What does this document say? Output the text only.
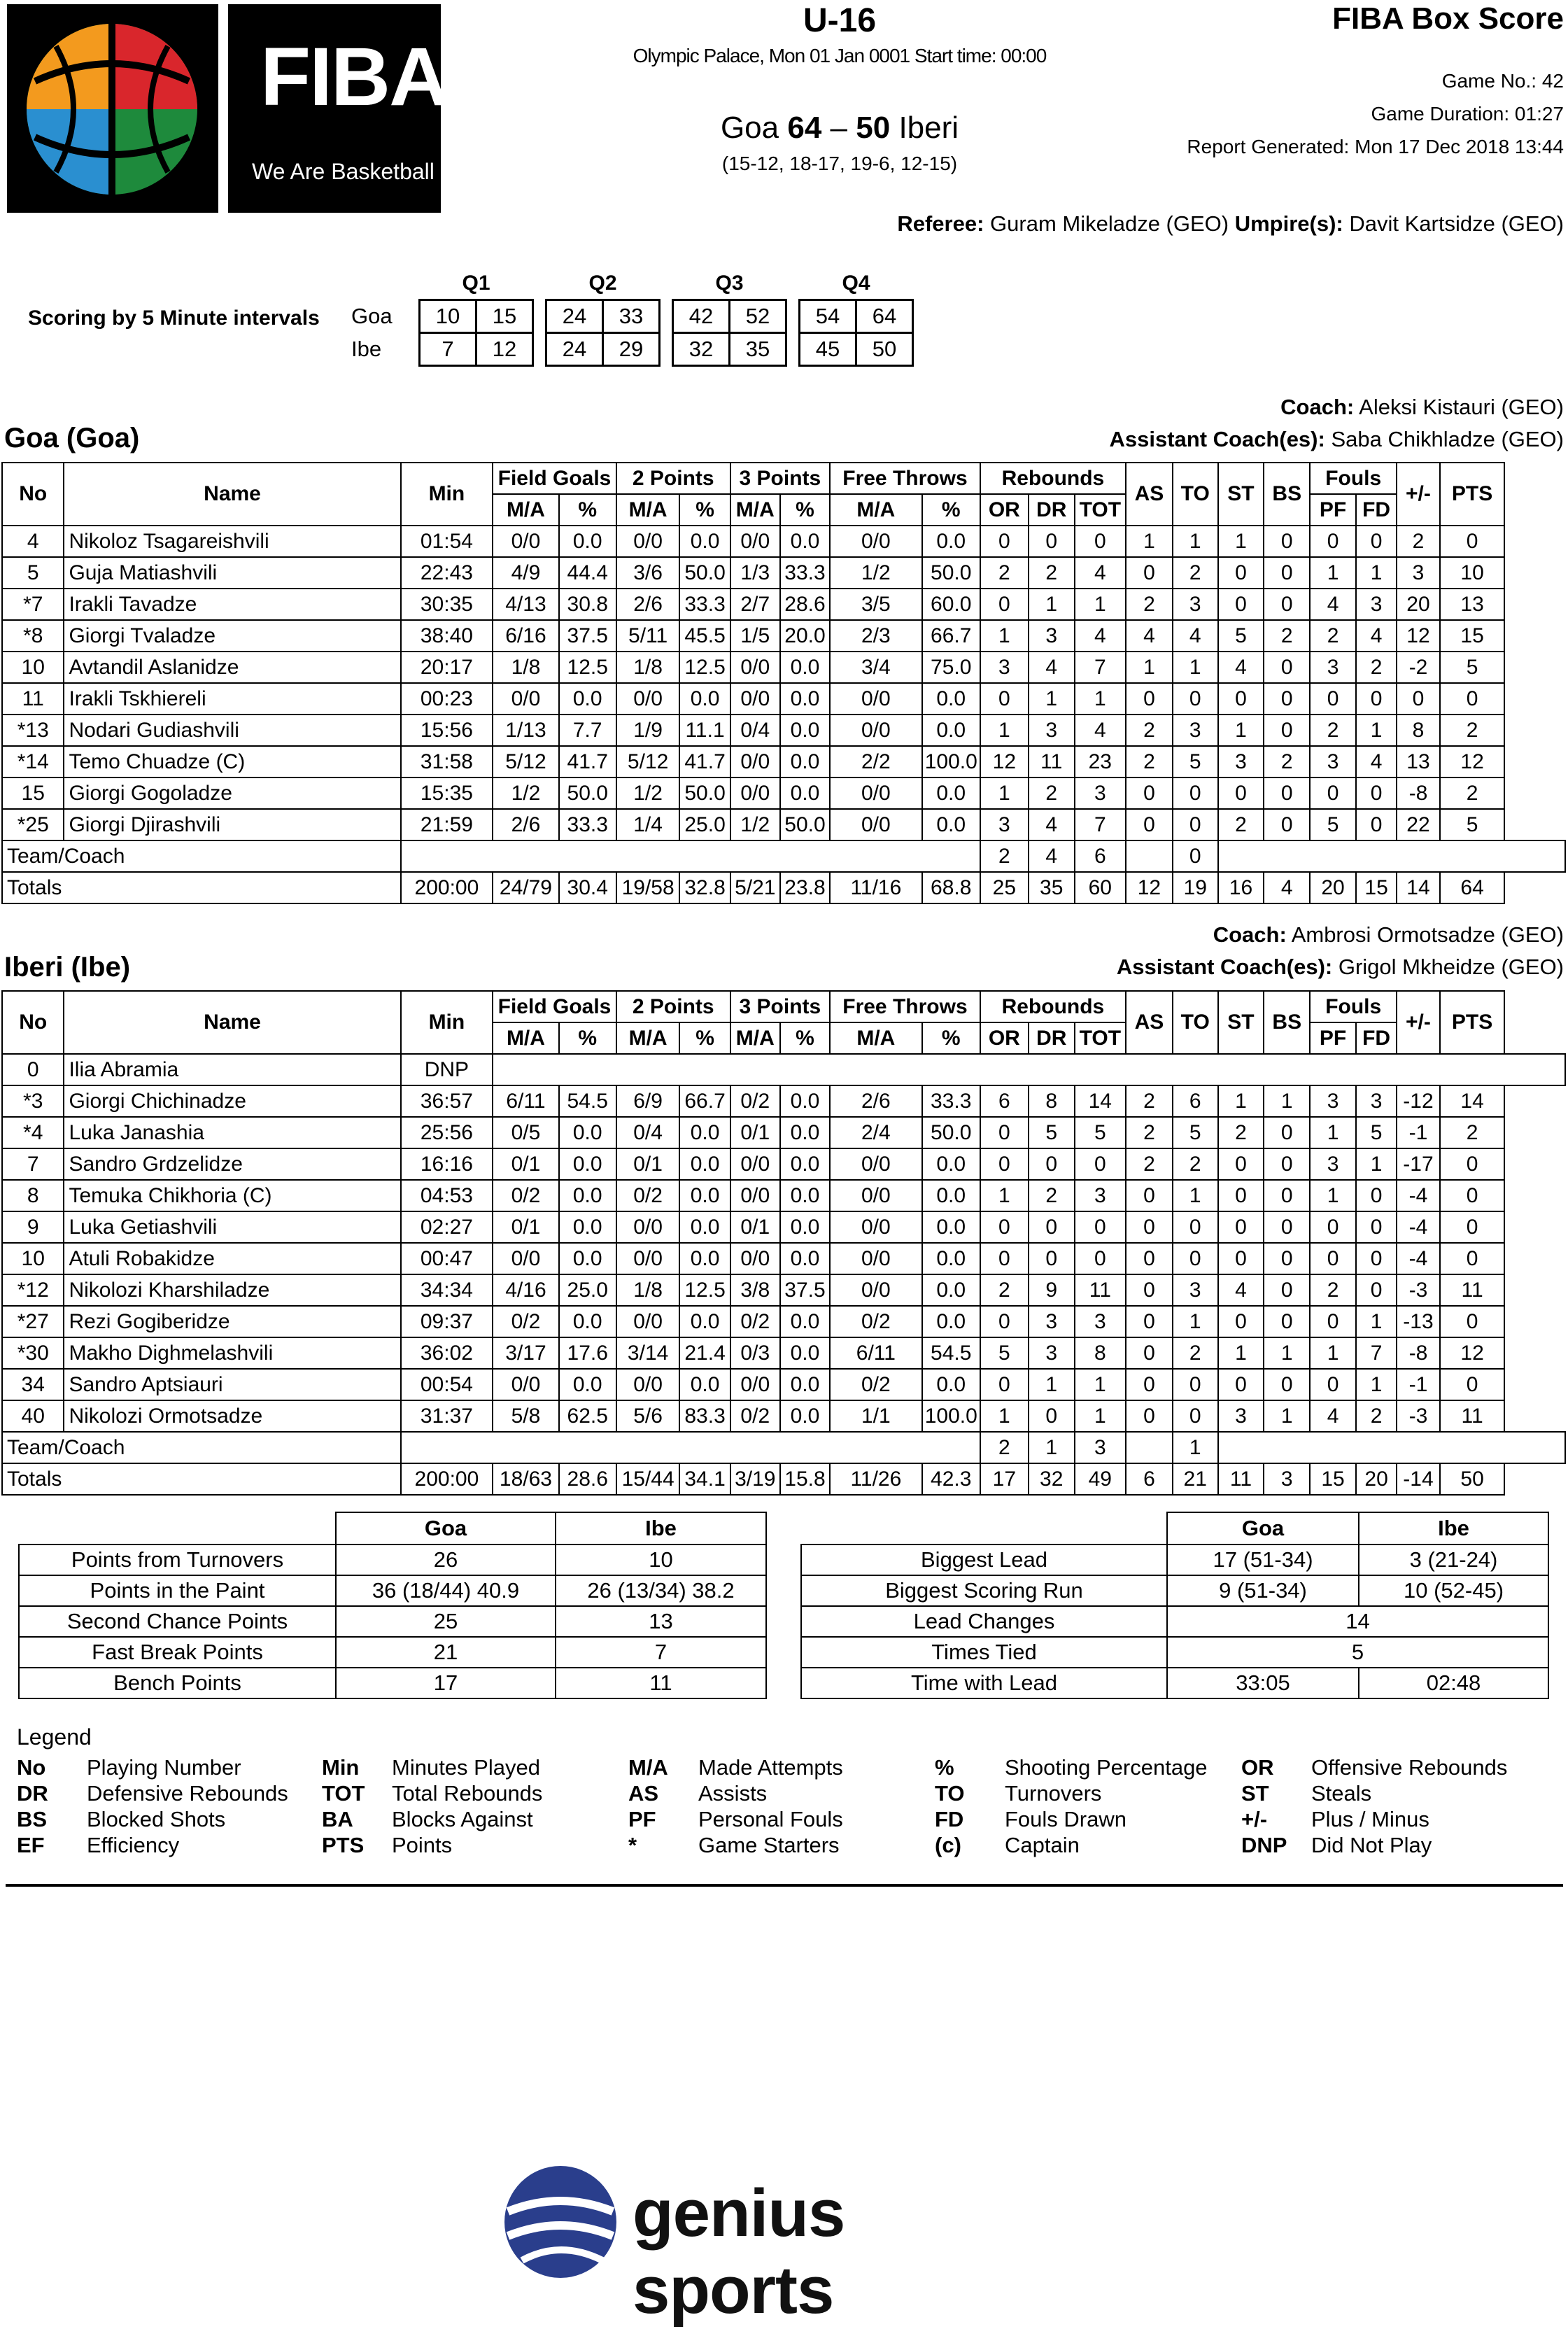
FIBA
We Are Basketball
U-16
Olympic Palace, Mon 01 Jan 0001 Start time: 00:00
Goa 64 – 50 Iberi
(15-12, 18-17, 19-6, 12-15)
FIBA Box Score
Game No.: 42
Game Duration: 01:27
Report Generated: Mon 17 Dec 2018 13:44
Referee: Guram Mikeladze (GEO) Umpire(s): Davit Kartsidze (GEO)
Scoring by 5 Minute intervals
	Q1			Q2			Q3			Q4	
Goa	10	15		24	33		42	52		54	64
Ibe	7	12		24	29		32	35		45	50
Coach: Aleksi Kistauri (GEO)
Assistant Coach(es): Saba Chikhladze (GEO)
Goa (Goa)
No	Name	Min	Field Goals		2 Points		3 Points		Free Throws		Rebounds			AS	TO	ST	BS	Fouls		+/-	PTS
			M/A	%	M/A	%	M/A	%	M/A	%	OR	DR	TOT					PF	FD		
4	Nikoloz Tsagareishvili	01:54	0/0	0.0	0/0	0.0	0/0	0.0	0/0	0.0	0	0	0	1	1	1	0	0	0	2	0
5	Guja Matiashvili	22:43	4/9	44.4	3/6	50.0	1/3	33.3	1/2	50.0	2	2	4	0	2	0	0	1	1	3	10
*7	Irakli Tavadze	30:35	4/13	30.8	2/6	33.3	2/7	28.6	3/5	60.0	0	1	1	2	3	0	0	4	3	20	13
*8	Giorgi Tvaladze	38:40	6/16	37.5	5/11	45.5	1/5	20.0	2/3	66.7	1	3	4	4	4	5	2	2	4	12	15
10	Avtandil Aslanidze	20:17	1/8	12.5	1/8	12.5	0/0	0.0	3/4	75.0	3	4	7	1	1	4	0	3	2	-2	5
11	Irakli Tskhiereli	00:23	0/0	0.0	0/0	0.0	0/0	0.0	0/0	0.0	0	1	1	0	0	0	0	0	0	0	0
*13	Nodari Gudiashvili	15:56	1/13	7.7	1/9	11.1	0/4	0.0	0/0	0.0	1	3	4	2	3	1	0	2	1	8	2
*14	Temo Chuadze (C)	31:58	5/12	41.7	5/12	41.7	0/0	0.0	2/2	100.0	12	11	23	2	5	3	2	3	4	13	12
15	Giorgi Gogoladze	15:35	1/2	50.0	1/2	50.0	0/0	0.0	0/0	0.0	1	2	3	0	0	0	0	0	0	-8	2
*25	Giorgi Djirashvili	21:59	2/6	33.3	1/4	25.0	1/2	50.0	0/0	0.0	3	4	7	0	0	2	0	5	0	22	5
Team/Coach											2	4	6		0						
Totals		200:00	24/79	30.4	19/58	32.8	5/21	23.8	11/16	68.8	25	35	60	12	19	16	4	20	15	14	64
Coach: Ambrosi Ormotsadze (GEO)
Assistant Coach(es): Grigol Mkheidze (GEO)
Iberi (Ibe)
No	Name	Min	Field Goals		2 Points		3 Points		Free Throws		Rebounds			AS	TO	ST	BS	Fouls		+/-	PTS
			M/A	%	M/A	%	M/A	%	M/A	%	OR	DR	TOT					PF	FD		
0	Ilia Abramia	DNP																			
*3	Giorgi Chichinadze	36:57	6/11	54.5	6/9	66.7	0/2	0.0	2/6	33.3	6	8	14	2	6	1	1	3	3	-12	14
*4	Luka Janashia	25:56	0/5	0.0	0/4	0.0	0/1	0.0	2/4	50.0	0	5	5	2	5	2	0	1	5	-1	2
7	Sandro Grdzelidze	16:16	0/1	0.0	0/1	0.0	0/0	0.0	0/0	0.0	0	0	0	2	2	0	0	3	1	-17	0
8	Temuka Chikhoria (C)	04:53	0/2	0.0	0/2	0.0	0/0	0.0	0/0	0.0	1	2	3	0	1	0	0	1	0	-4	0
9	Luka Getiashvili	02:27	0/1	0.0	0/0	0.0	0/1	0.0	0/0	0.0	0	0	0	0	0	0	0	0	0	-4	0
10	Atuli Robakidze	00:47	0/0	0.0	0/0	0.0	0/0	0.0	0/0	0.0	0	0	0	0	0	0	0	0	0	-4	0
*12	Nikolozi Kharshiladze	34:34	4/16	25.0	1/8	12.5	3/8	37.5	0/0	0.0	2	9	11	0	3	4	0	2	0	-3	11
*27	Rezi Gogiberidze	09:37	0/2	0.0	0/0	0.0	0/2	0.0	0/2	0.0	0	3	3	0	1	0	0	0	1	-13	0
*30	Makho Dighmelashvili	36:02	3/17	17.6	3/14	21.4	0/3	0.0	6/11	54.5	5	3	8	0	2	1	1	1	7	-8	12
34	Sandro Aptsiauri	00:54	0/0	0.0	0/0	0.0	0/0	0.0	0/2	0.0	0	1	1	0	0	0	0	0	1	-1	0
40	Nikolozi Ormotsadze	31:37	5/8	62.5	5/6	83.3	0/2	0.0	1/1	100.0	1	0	1	0	0	3	1	4	2	-3	11
Team/Coach											2	1	3		1						
Totals		200:00	18/63	28.6	15/44	34.1	3/19	15.8	11/26	42.3	17	32	49	6	21	11	3	15	20	-14	50
	Goa	Ibe
Points from Turnovers	26	10
Points in the Paint	36 (18/44) 40.9	26 (13/34) 38.2
Second Chance Points	25	13
Fast Break Points	21	7
Bench Points	17	11
	Goa	Ibe
Biggest Lead	17 (51-34)	3 (21-24)
Biggest Scoring Run	9 (51-34)	10 (52-45)
Lead Changes	14	
Times Tied	5	
Time with Lead	33:05	02:48
Legend
No Playing Number
DR Defensive Rebounds
BS Blocked Shots
EF Efficiency
Min Minutes Played
TOT Total Rebounds
BA Blocks Against
PTS Points
M/A Made Attempts
AS Assists
PF Personal Fouls
*	Game Starters
% Shooting Percentage
TO Turnovers
FD Fouls Drawn
(c) Captain
OR Offensive Rebounds
ST Steals
+/- Plus / Minus
DNP Did Not Play
genius sports
